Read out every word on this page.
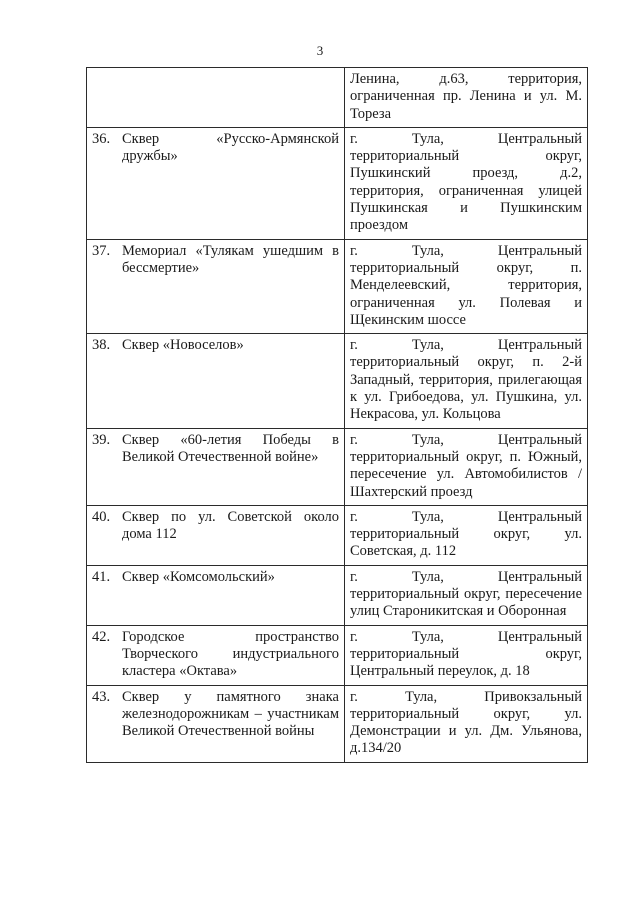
3
	Ленина, д.63, территория, ограниченная пр. Ленина и ул. М. Тореза

36. Сквер «Русско-Армянской дружбы»	г. Тула, Центральный территориальный округ, Пушкинский проезд, д.2, территория, ограниченная улицей Пушкинская и Пушкинским проездом

37. Мемориал «Тулякам ушедшим в бессмертие»	г. Тула, Центральный территориальный округ, п. Менделеевский, территория, ограниченная ул. Полевая и Щекинским шоссе

38. Сквер «Новоселов»	г. Тула, Центральный территориальный округ, п. 2-й Западный, территория, прилегающая к ул. Грибоедова, ул. Пушкина, ул. Некрасова, ул. Кольцова

39. Сквер «60-летия Победы в Великой Отечественной войне»	г. Тула, Центральный территориальный округ, п. Южный, пересечение ул. Автомобилистов / Шахтерский проезд

40. Сквер по ул. Советской около дома 112	г. Тула, Центральный территориальный округ, ул. Советская, д. 112

41. Сквер «Комсомольский»	г. Тула, Центральный территориальный округ, пересечение улиц Староникитская и Оборонная

42. Городское пространство Творческого индустриального кластера «Октава»	г. Тула, Центральный территориальный округ, Центральный переулок, д. 18

43. Сквер у памятного знака железнодорожникам – участникам Великой Отечественной войны	г. Тула, Привокзальный территориальный округ, ул. Демонстрации и ул. Дм. Ульянова, д.134/20
